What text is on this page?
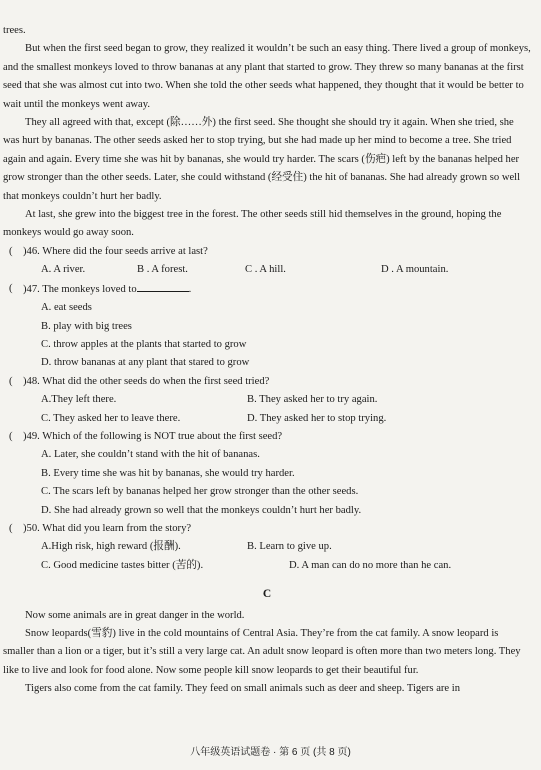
trees.

But when the first seed began to grow, they realized it wouldn’t be such an easy thing. There lived a group of monkeys, and the smallest monkeys loved to throw bananas at any plant that started to grow. They threw so many bananas at the first seed that she was almost cut into two. When she told the other seeds what happened, they thought that it would be better to wait until the monkeys went away.

They all agreed with that, except (除……外) the first seed. She thought she should try it again. When she tried, she was hurt by bananas. The other seeds asked her to stop trying, but she had made up her mind to become a tree. She tried again and again. Every time she was hit by bananas, she would try harder. The scars (伤疤) left by the bananas helped her grow stronger than the other seeds. Later, she could withstand (经受住) the hit of bananas. She had already grown so well that monkeys couldn’t hurt her badly.

At last, she grew into the biggest tree in the forest. The other seeds still hid themselves in the ground, hoping the monkeys would go away soon.

( )46. Where did the four seeds arrive at last?
A. A river.	B . A forest.	C . A hill.	D . A mountain.
( )47. The monkeys loved to	.

A. eat seeds

B. play with big trees

C. throw apples at the plants that started to grow

D. throw bananas at any plant that stared to grow

( )48. What did the other seeds do when the first seed tried?
A.They left there.	B. They asked her to try again.
C. They asked her to leave there.	D. They asked her to stop trying.
( )49. Which of the following is NOT true about the first seed?

A. Later, she couldn’t stand with the hit of bananas.

B. Every time she was hit by bananas, she would try harder.

C. The scars left by bananas helped her grow stronger than the other seeds.

D. She had already grown so well that the monkeys couldn’t hurt her badly.

( )50. What did you learn from the story?
A.High risk, high reward (报酬).	B. Learn to give up.
C. Good medicine tastes bitter (苦的).	D. A man can do no more than he can.
C

Now some animals are in great danger in the world.

Snow leopards(雪豹) live in the cold mountains of Central Asia. They’re from the cat family. A snow leopard is smaller than a lion or a tiger, but it’s still a very large cat. An adult snow leopard is often more than two meters long. They like to live and look for food alone. Now some people kill snow leopards to get their beautiful fur.

Tigers also come from the cat family. They feed on small animals such as deer and sheep. Tigers are in

八年级英语试题卷 · 第 6 页 (共 8 页)
